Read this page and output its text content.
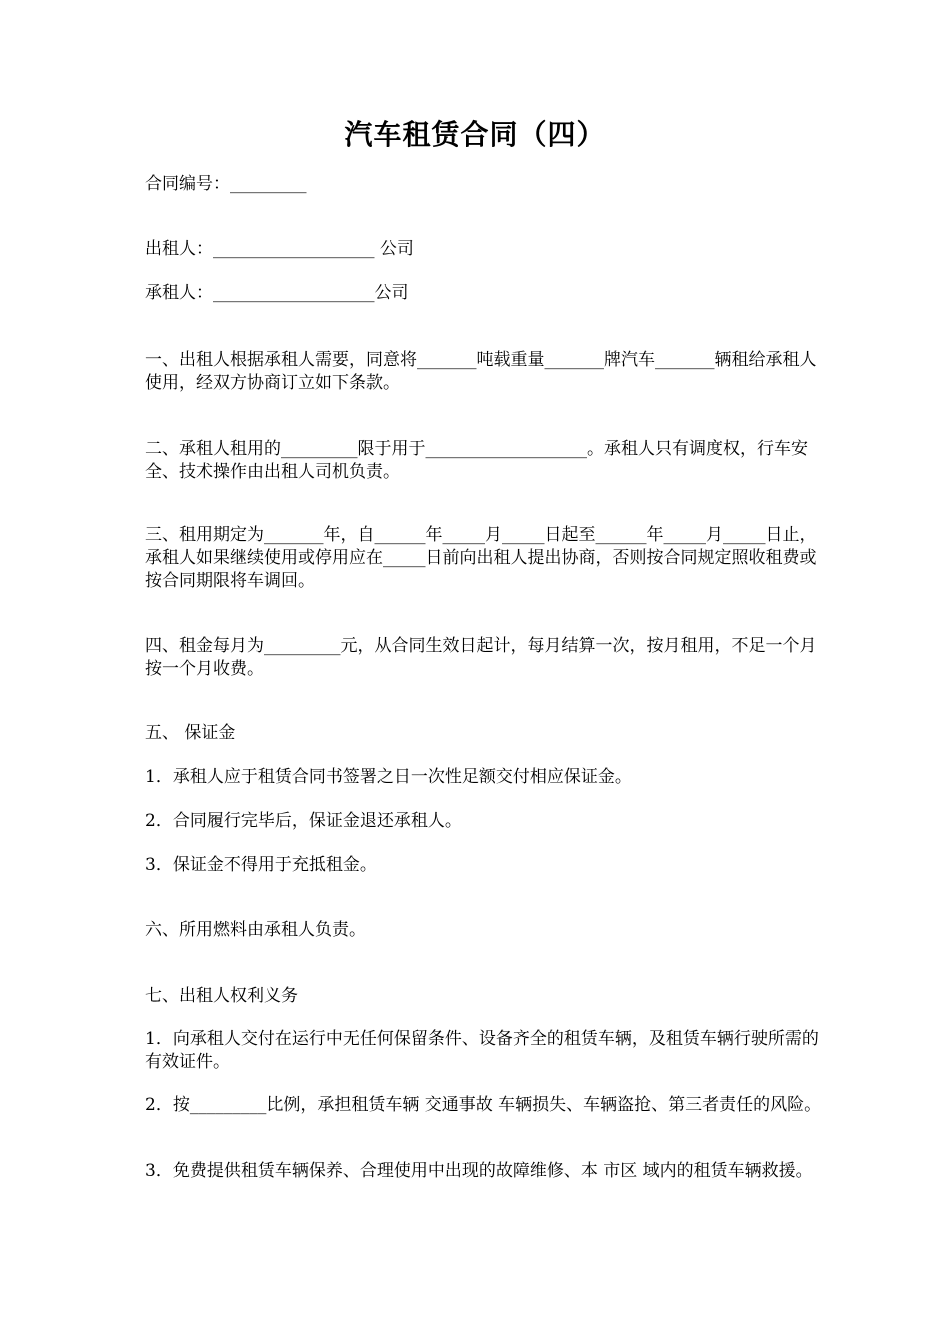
汽车租赁合同（四）
合同编号：_________
出租人：___________________ 公司
承租人：___________________公司
一、出租人根据承租人需要，同意将_______吨载重量_______牌汽车_______辆租给承租人使用，经双方协商订立如下条款。
二、承租人租用的_________限于用于___________________。承租人只有调度权，行车安全、技术操作由出租人司机负责。
三、租用期定为_______年，自______年_____月_____日起至______年_____月_____日止，承租人如果继续使用或停用应在_____日前向出租人提出协商，否则按合同规定照收租费或按合同期限将车调回。
四、租金每月为_________元，从合同生效日起计，每月结算一次，按月租用，不足一个月按一个月收费。
五、 保证金
1．承租人应于租赁合同书签署之日一次性足额交付相应保证金。
2．合同履行完毕后，保证金退还承租人。
3．保证金不得用于充抵租金。
六、所用燃料由承租人负责。
七、出租人权利义务
1．向承租人交付在运行中无任何保留条件、设备齐全的租赁车辆，及租赁车辆行驶所需的有效证件。
2．按_________比例，承担租赁车辆 交通事故 车辆损失、车辆盗抢、第三者责任的风险。
3．免费提供租赁车辆保养、合理使用中出现的故障维修、本 市区 域内的租赁车辆救援。
